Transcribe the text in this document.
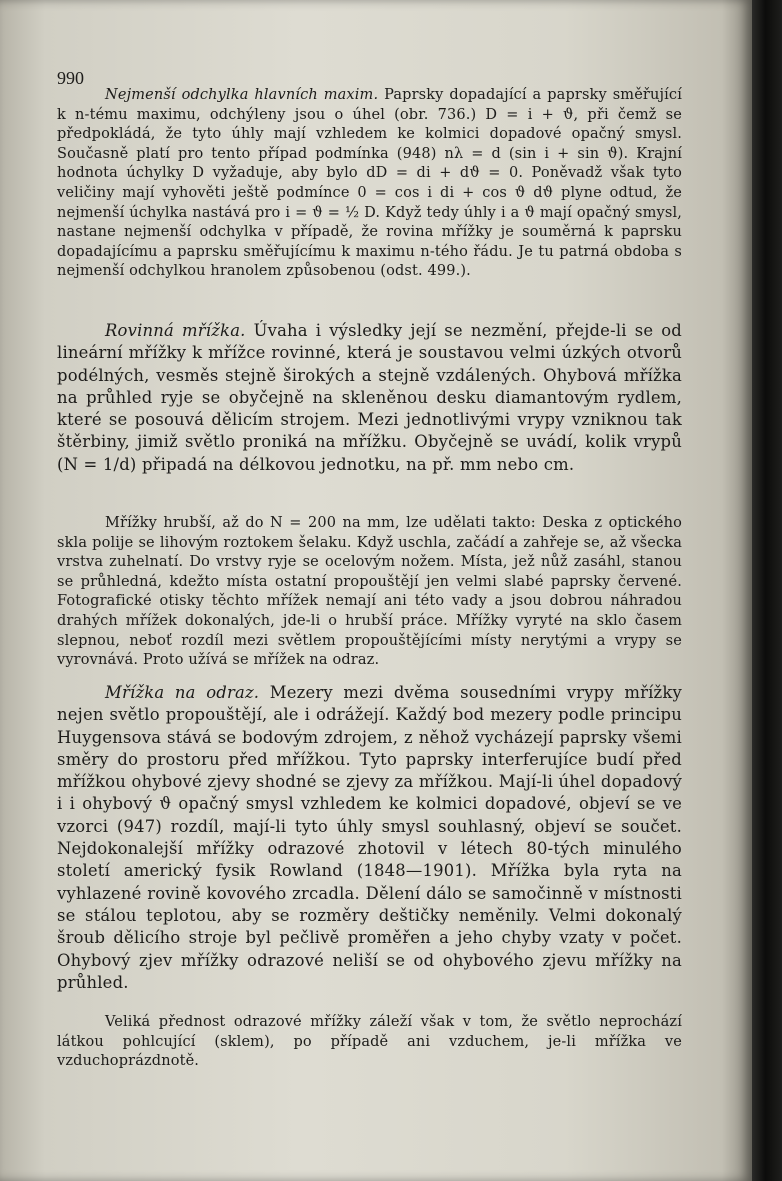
990

Nejmenší odchylka hlavních maxim. Paprsky dopadající a paprsky směřující k n-tému maximu, odchýleny jsou o úhel (obr. 736.) D = i + ϑ, při čemž se předpokládá, že tyto úhly mají vzhledem ke kolmici dopadové opačný smysl. Současně platí pro tento případ podmínka (948) nλ = d (sin i + sin ϑ). Krajní hodnota úchylky D vyžaduje, aby bylo dD = di + dϑ = 0. Poněvadž však tyto veličiny mají vyhověti ještě podmínce 0 = cos i di + cos ϑ dϑ plyne odtud, že nejmenší úchylka nastává pro i = ϑ = ½ D. Když tedy úhly i a ϑ mají opačný smysl, nastane nejmenší odchylka v případě, že rovina mřížky je souměrná k paprsku dopadajícímu a paprsku směřujícímu k maximu n-tého řádu. Je tu patrná obdoba s nejmenší odchylkou hranolem způsobenou (odst. 499.).

Rovinná mřížka. Úvaha i výsledky její se nezmění, přejde-li se od lineární mřížky k mřížce rovinné, která je soustavou velmi úzkých otvorů podélných, vesměs stejně širokých a stejně vzdálených. Ohybová mřížka na průhled ryje se obyčejně na skleněnou desku diamantovým rydlem, které se posouvá dělicím strojem. Mezi jednotlivými vrypy vzniknou tak štěrbiny, jimiž světlo proniká na mřížku. Obyčejně se uvádí, kolik vrypů (N = 1/d) připadá na délkovou jednotku, na př. mm nebo cm.

Mřížky hrubší, až do N = 200 na mm, lze udělati takto: Deska z optického skla polije se lihovým roztokem šelaku. Když uschla, začádí a zahřeje se, až všecka vrstva zuhelnatí. Do vrstvy ryje se ocelovým nožem. Místa, jež nůž zasáhl, stanou se průhledná, kdežto místa ostatní propouštějí jen velmi slabé paprsky červené. Fotografické otisky těchto mřížek nemají ani této vady a jsou dobrou náhradou drahých mřížek dokonalých, jde-li o hrubší práce. Mřížky vyryté na sklo časem slepnou, neboť rozdíl mezi světlem propouštějícími místy nerytými a vrypy se vyrovnává. Proto užívá se mřížek na odraz.

Mřížka na odraz. Mezery mezi dvěma sousedními vrypy mřížky nejen světlo propouštějí, ale i odrážejí. Každý bod mezery podle principu Huygensova stává se bodovým zdrojem, z něhož vycházejí paprsky všemi směry do prostoru před mřížkou. Tyto paprsky interferujíce budí před mřížkou ohybové zjevy shodné se zjevy za mřížkou. Mají-li úhel dopadový i i ohybový ϑ opačný smysl vzhledem ke kolmici dopadové, objeví se ve vzorci (947) rozdíl, mají-li tyto úhly smysl souhlasný, objeví se součet. Nejdokonalejší mřížky odrazové zhotovil v létech 80-tých minulého století americký fysik Rowland (1848—1901). Mřížka byla ryta na vyhlazené rovině kovového zrcadla. Dělení dálo se samočinně v místnosti se stálou teplotou, aby se rozměry deštičky neměnily. Velmi dokonalý šroub dělicího stroje byl pečlivě proměřen a jeho chyby vzaty v počet. Ohybový zjev mřížky odrazové neliší se od ohybového zjevu mřížky na průhled.

Veliká přednost odrazové mřížky záleží však v tom, že světlo neprochází látkou pohlcující (sklem), po případě ani vzduchem, je-li mřížka ve vzduchoprázdnotě.
